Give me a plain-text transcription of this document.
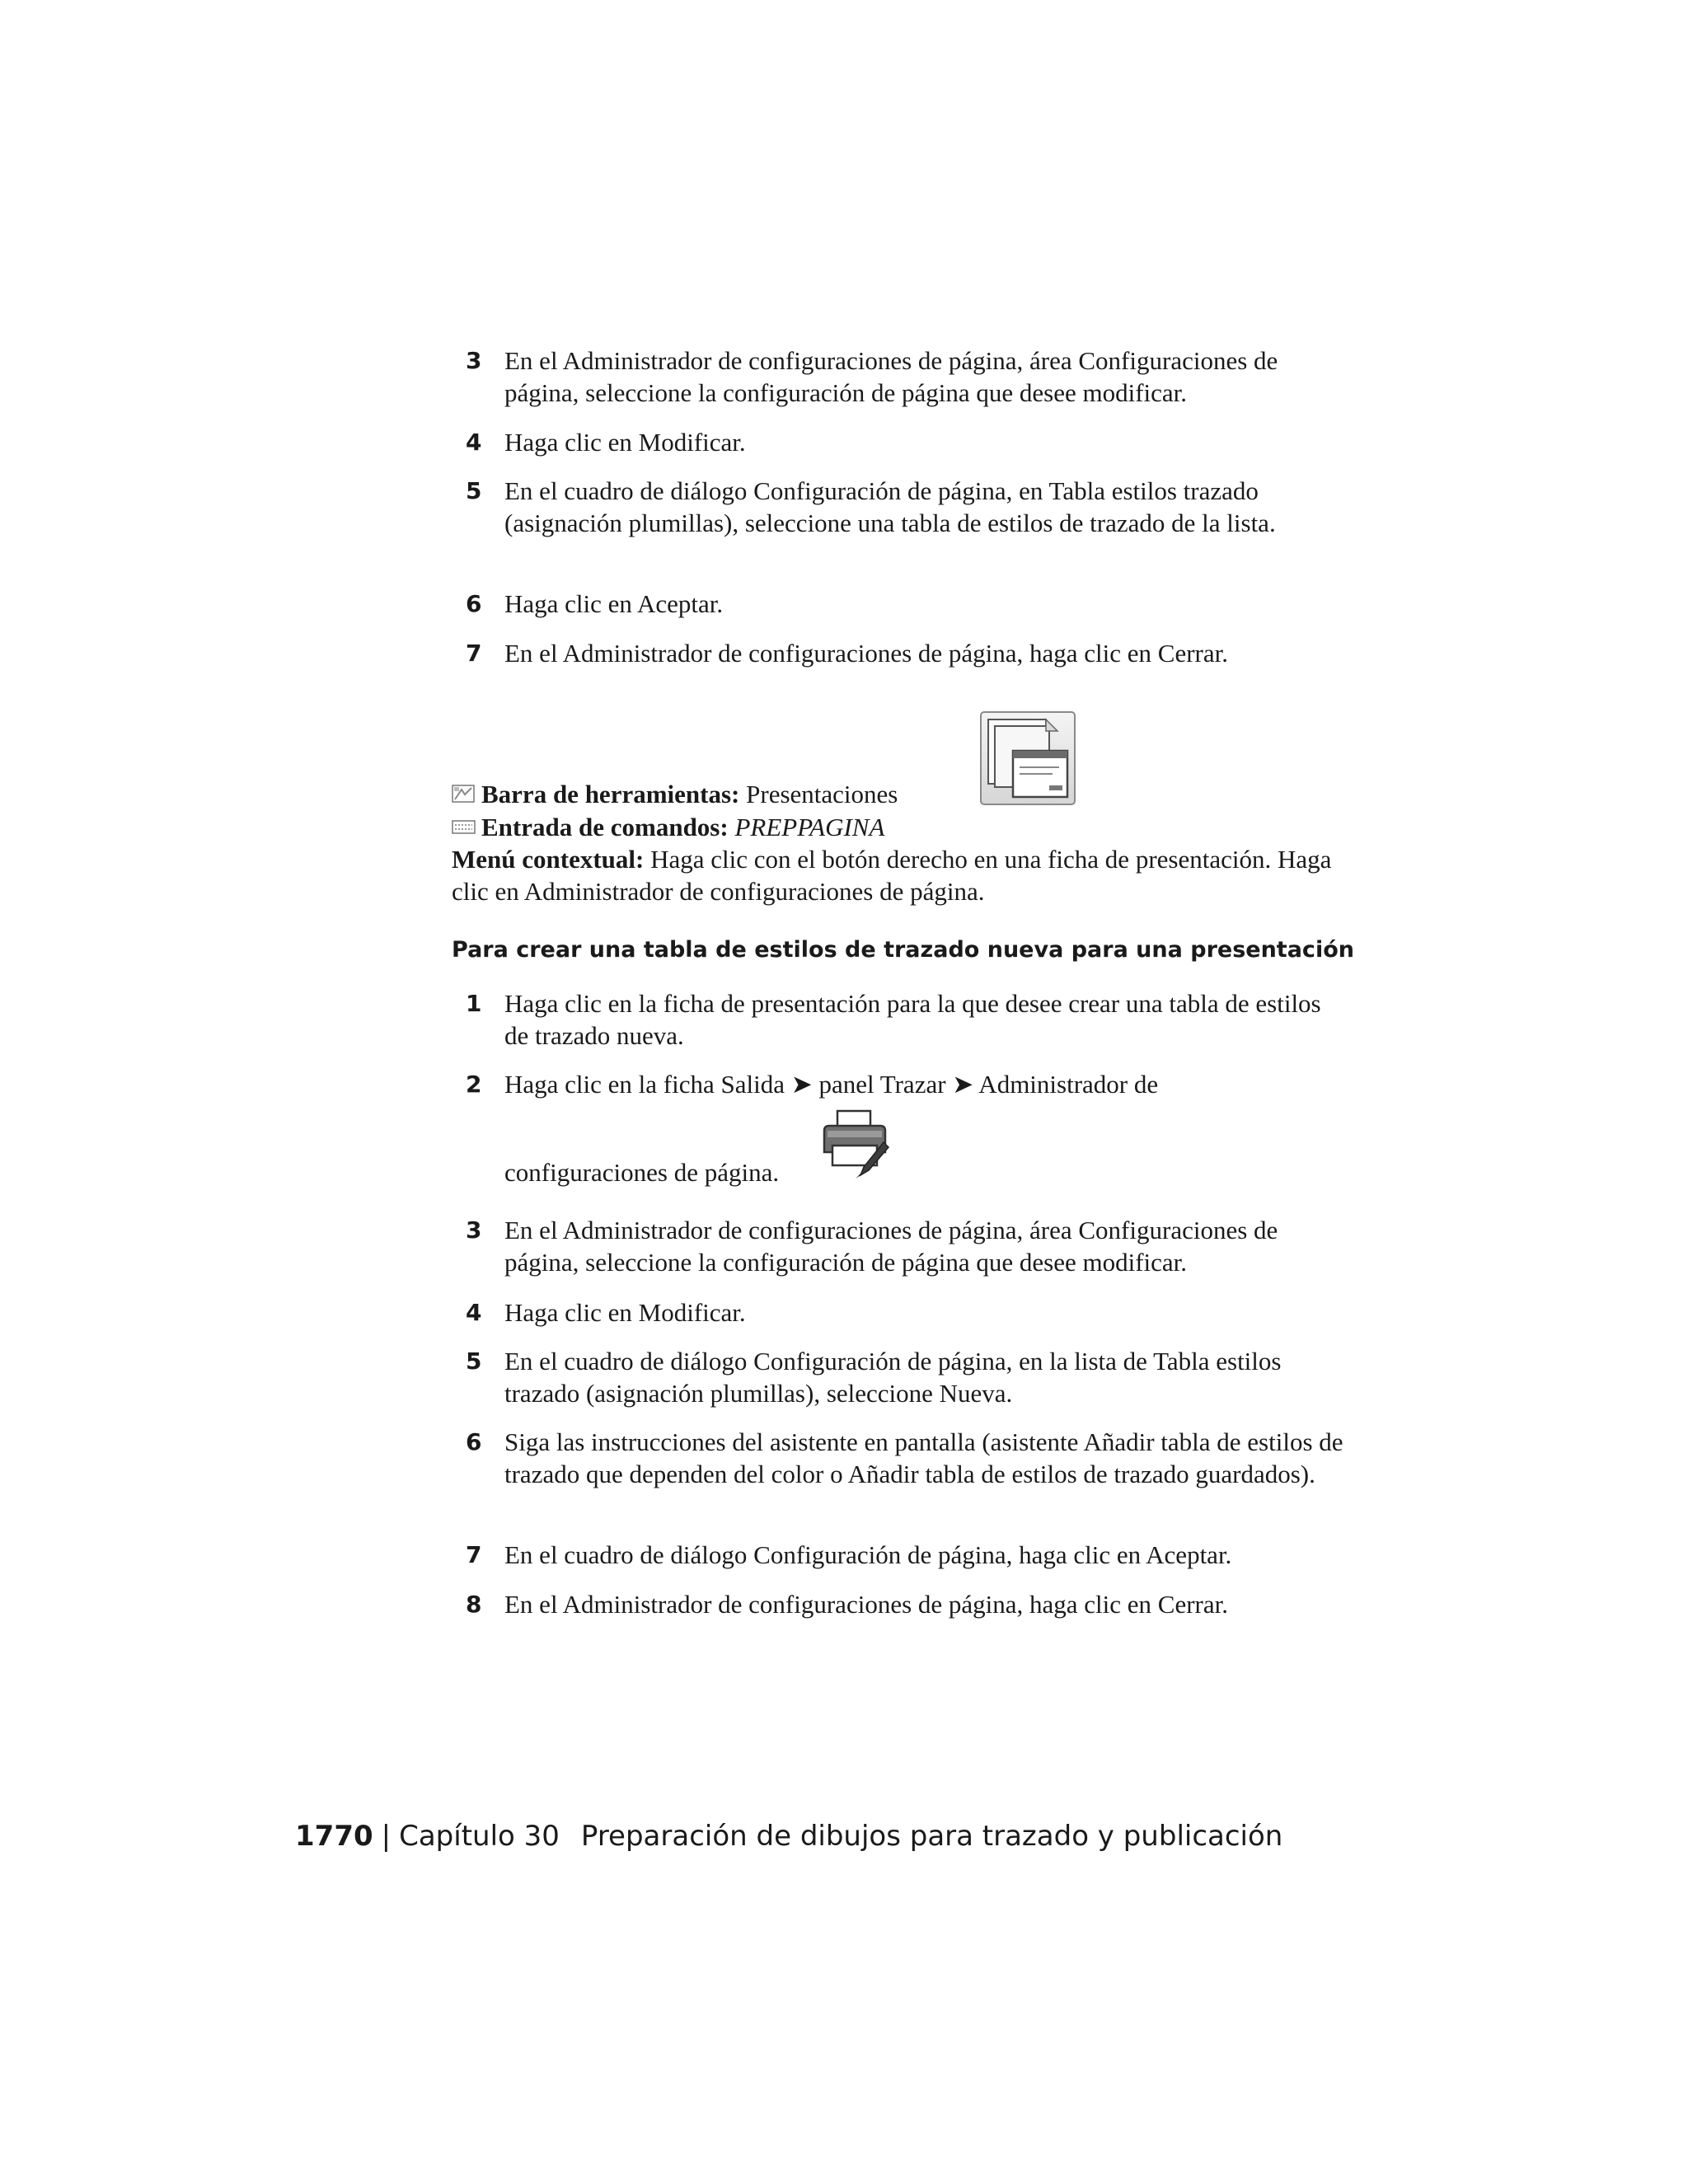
3 En el Administrador de configuraciones de página, área Configuraciones de página, seleccione la configuración de página que desee modificar.
4 Haga clic en Modificar.
5 En el cuadro de diálogo Configuración de página, en Tabla estilos trazado (asignación plumillas), seleccione una tabla de estilos de trazado de la lista.
6 Haga clic en Aceptar.
7 En el Administrador de configuraciones de página, haga clic en Cerrar.
Barra de herramientas: Presentaciones
Entrada de comandos: PREPPAGINA
Menú contextual: Haga clic con el botón derecho en una ficha de presentación. Haga clic en Administrador de configuraciones de página.
Para crear una tabla de estilos de trazado nueva para una presentación
1 Haga clic en la ficha de presentación para la que desee crear una tabla de estilos de trazado nueva.
2 Haga clic en la ficha Salida ➤ panel Trazar ➤ Administrador de
configuraciones de página.
3 En el Administrador de configuraciones de página, área Configuraciones de página, seleccione la configuración de página que desee modificar.
4 Haga clic en Modificar.
5 En el cuadro de diálogo Configuración de página, en la lista de Tabla estilos trazado (asignación plumillas), seleccione Nueva.
6 Siga las instrucciones del asistente en pantalla (asistente Añadir tabla de estilos de trazado que dependen del color o Añadir tabla de estilos de trazado guardados).
7 En el cuadro de diálogo Configuración de página, haga clic en Aceptar.
8 En el Administrador de configuraciones de página, haga clic en Cerrar.
1770 | Capítulo 30 Preparación de dibujos para trazado y publicación
